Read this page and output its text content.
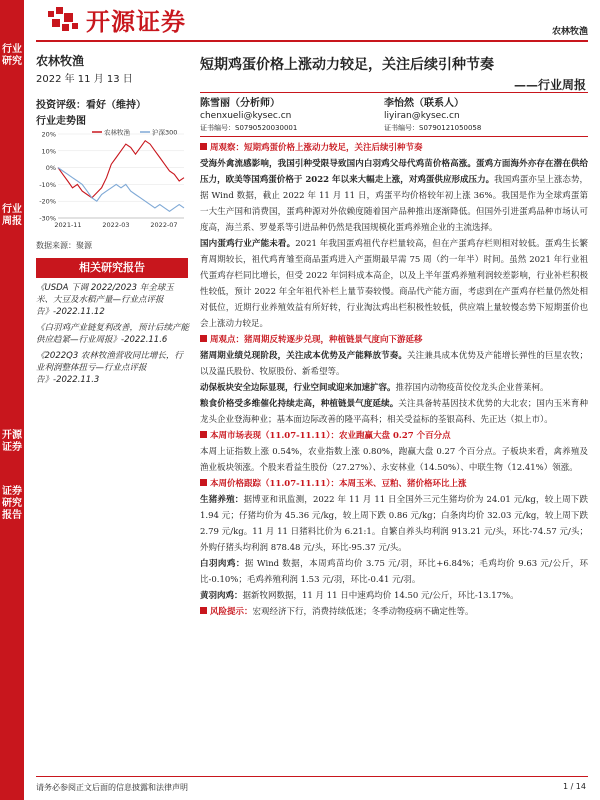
行业研究
行业周报
开源证券
证券研究报告
开源证券	农林牧渔
农林牧渔
2022 年 11 月 13 日
投资评级：看好（维持）
行业走势图
20%
10%
0%
-10%
-20%
-30%
2021-11	2022-03	2022-07
农林牧渔	沪深300
数据来源：聚源
相关研究报告
《USDA 下调 2022/2023 年全球玉米、大豆及水稻产量—行业点评报告》-2022.11.12
《白羽鸡产业链复利改善，预计后续产能供应趋紧—行业周报》-2022.11.6
《2022Q3 农林牧渔营收同比增长，行业利润整体扭亏—行业点评报告》-2022.11.3
短期鸡蛋价格上涨动力较足，关注后续引种节奏
——行业周报
陈雪丽（分析师）
chenxueli@kysec.cn
证书编号：S0790520030001
李怡然（联系人）
liyiran@kysec.cn
证书编号：S0790121050058
周观察：短期鸡蛋价格上涨动力较足，关注后续引种节奏
受海外禽流感影响，我国引种受限导致国内白羽鸡父母代鸡苗价格高涨。蛋鸡方面海外亦存在潜在供给压力，欧美等国鸡蛋价格于 2022 年以来大幅走上涨，对鸡蛋供应形成压力。我国鸡蛋亦呈上涨态势，据 Wind 数据，截止 2022 年 11 月 11 日，鸡蛋平均价格较年初上涨 36%。我国是作为全球鸡蛋第一大生产国和消费国，蛋鸡种源对外依赖度随着国产品种推出逐渐降低。但国外引进蛋鸡品种市场认可度高，海兰系、罗曼系等引进品种仍然是我国规模化蛋鸡养殖企业的主流选择。
国内蛋鸡行业产能未看。2021 年我国蛋鸡祖代存栏量较高，但在产蛋鸡存栏则相对较低。蛋鸡生长繁育周期较长，祖代鸡育雏至商品蛋鸡进入产蛋期最早需 75 周（约一年半）时间。虽然 2021 年行业祖代蛋鸡存栏同比增长，但受 2022 年饲料成本高企，以及上半年蛋鸡养殖利润较差影响，行业补栏积极性较低，预计 2022 年全年祖代补栏上量节奏较慢。商品代产能方面，考虑到在产蛋鸡存栏量仍然处相对低位，近期行业养殖效益有所好转，行业淘汰鸡出栏积极性较低，供应端上量较慢态势下短期蛋价也会上涨动力较足。
周观点：猪周期反转逐步兑现，种植链景气度向下游延移
猪周期业绩兑现阶段，关注成本优势及产能释放节奏。关注兼具成本优势及产能增长弹性的巨星农牧；以及温氏股份、牧原股份、新希望等。
动保板块安全边际显现，行业空间或迎来加速扩容。推荐国内动物疫苗佼佼龙头企业普莱柯。
粮食价格受多维催化持续走高，种植链景气度延续。关注具备转基因技术优势的大北农；国内玉米育种龙头企业登海种业；基本面边际改善的隆平高科；相关受益标的荃银高科、先正达（拟上市）。
本周市场表现（11.07-11.11）：农业跑赢大盘 0.27 个百分点
本周上证指数上涨 0.54%，农业指数上涨 0.80%，跑赢大盘 0.27 个百分点。子板块来看，禽养殖及渔业板块领涨。个股来看益生股份（27.27%）、永安林业（14.50%）、中联生物（12.41%）领涨。
本周价格跟踪（11.07-11.11）：本周玉米、豆粕、猪价格环比上涨
生猪养殖：据博亚和讯监测，2022 年 11 月 11 日全国外三元生猪均价为 24.01 元/kg，较上周下跌 1.94 元；仔猪均价为 45.36 元/kg，较上周下跌 0.86 元/kg；白条肉均价 32.03 元/kg，较上周下跌 2.79 元/kg。11 月 11 日猪料比价为 6.21:1。自繁自养头均利润 913.21 元/头，环比-74.57 元/头；外购仔猪头均利润 878.48 元/头，环比-95.37 元/头。
白羽肉鸡：据 Wind 数据，本周鸡苗均价 3.75 元/羽，环比+6.84%；毛鸡均价 9.63 元/公斤，环比-0.10%；毛鸡养殖利润 1.53 元/羽，环比-0.41 元/羽。
黄羽肉鸡：据新牧网数据，11 月 11 日中速鸡均价 14.50 元/公斤，环比-13.17%。
风险提示：宏观经济下行，消费持续低迷；冬季动物疫病不确定性等。
请务必参阅正文后面的信息披露和法律声明	1 / 14
